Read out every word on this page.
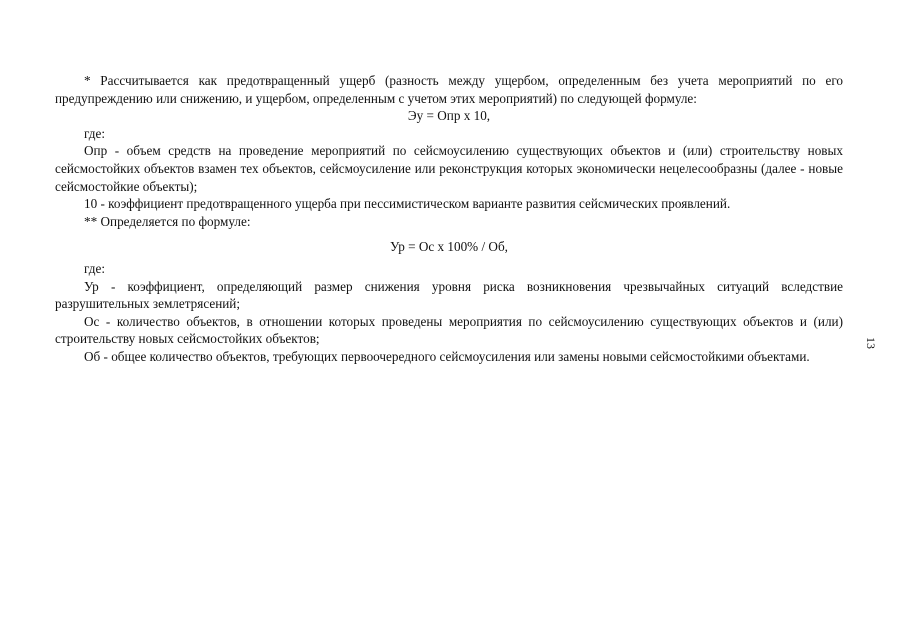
* Рассчитывается как предотвращенный ущерб (разность между ущербом, определенным без учета мероприятий по его предупреждению или снижению, и ущербом, определенным с учетом этих мероприятий) по следующей формуле:

Эу = Опр х 10,

где:

Опр - объем средств на проведение мероприятий по сейсмоусилению существующих объектов и (или) строительству новых сейсмостойких объектов взамен тех объектов, сейсмоусиление или реконструкция которых экономически нецелесообразны (далее - новые сейсмостойкие объекты);

10 - коэффициент предотвращенного ущерба при пессимистическом варианте развития сейсмических проявлений.

** Определяется по формуле:

Ур = Ос х 100% / Об,

где:

Ур - коэффициент, определяющий размер снижения уровня риска возникновения чрезвычайных ситуаций вследствие разрушительных землетрясений;

Ос - количество объектов, в отношении которых проведены мероприятия по сейсмоусилению существующих объектов и (или) строительству новых сейсмостойких объектов;

Об - общее количество объектов, требующих первоочередного сейсмоусиления или замены новыми сейсмостойкими объектами.

13
